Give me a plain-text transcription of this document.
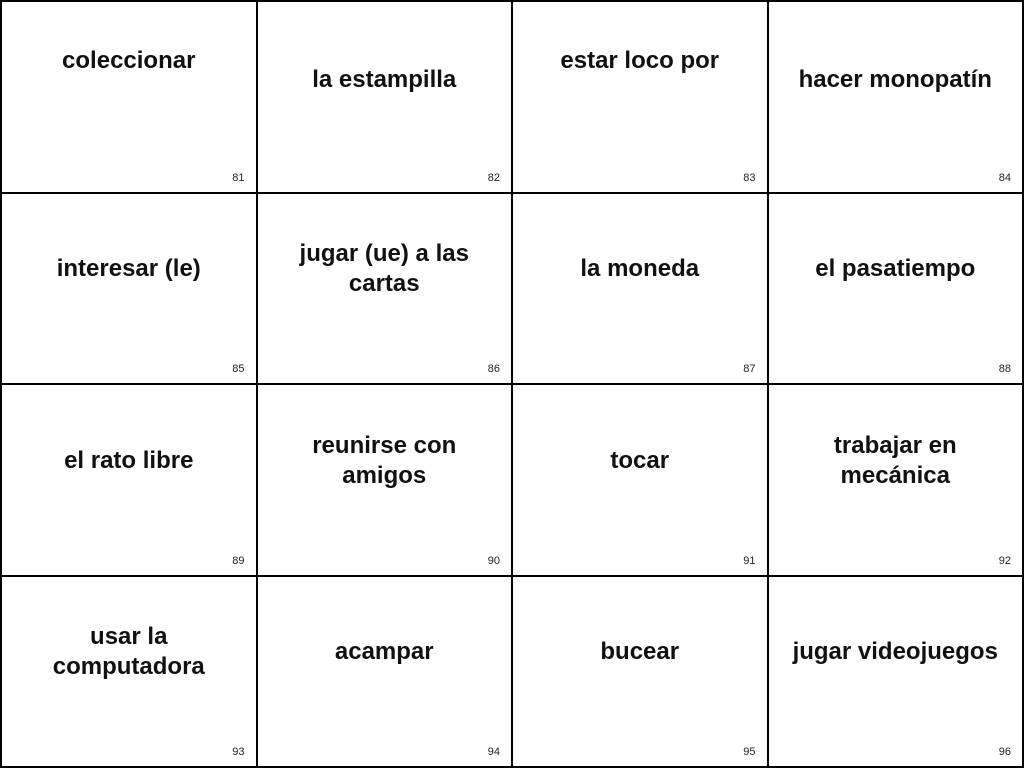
coleccionar
81
la estampilla
82
estar loco por
83
hacer monopatín
84
interesar (le)
85
jugar (ue) a las cartas
86
la moneda
87
el pasatiempo
88
el rato libre
89
reunirse con amigos
90
tocar
91
trabajar en mecánica
92
usar la computadora
93
acampar
94
bucear
95
jugar videojuegos
96
